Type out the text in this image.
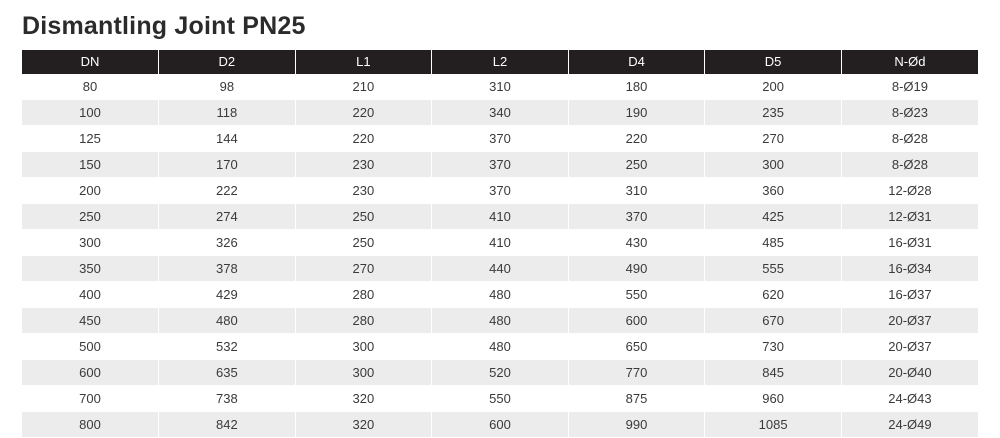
Dismantling Joint PN25
DN	D2	L1	L2	D4	D5	N-Ød
80	98	210	310	180	200	8-Ø19
100	118	220	340	190	235	8-Ø23
125	144	220	370	220	270	8-Ø28
150	170	230	370	250	300	8-Ø28
200	222	230	370	310	360	12-Ø28
250	274	250	410	370	425	12-Ø31
300	326	250	410	430	485	16-Ø31
350	378	270	440	490	555	16-Ø34
400	429	280	480	550	620	16-Ø37
450	480	280	480	600	670	20-Ø37
500	532	300	480	650	730	20-Ø37
600	635	300	520	770	845	20-Ø40
700	738	320	550	875	960	24-Ø43
800	842	320	600	990	1085	24-Ø49
